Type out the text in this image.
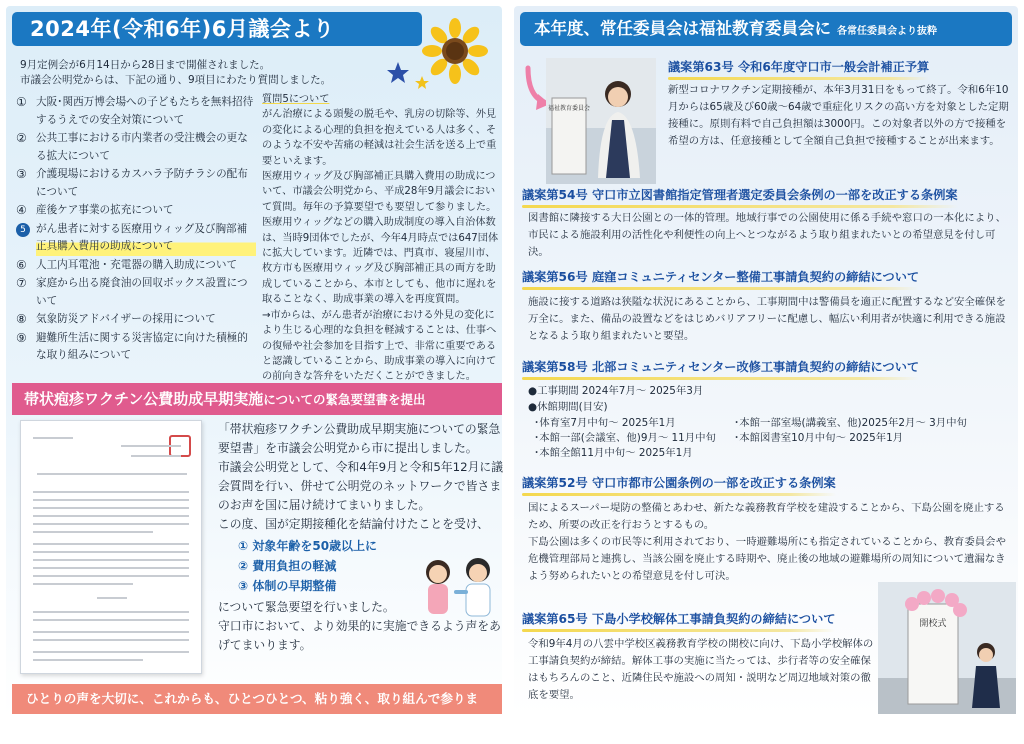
2024年(令和6年)6月議会より

9月定例会が6月14日から28日まで開催されました。

市議会公明党からは、下記の通り、9項目にわたり質問しました。

① 大阪･関西万博会場への子どもたちを無料招待するうえでの安全対策について
② 公共工事における市内業者の受注機会の更なる拡大について
③ 介護現場におけるカスハラ予防チラシの配布について
④ 産後ケア事業の拡充について
5 がん患者に対する医療用ウィッグ及び胸部補正具購入費用の助成について
⑥ 人工内耳電池・充電器の購入助成について
⑦ 家庭から出る廃食油の回収ボックス設置について
⑧ 気象防災アドバイザーの採用について
⑨ 避難所生活に関する災害協定に向けた積極的な取り組みについて

質問5について

がん治療による頭髪の脱毛や、乳房の切除等、外見の変化による心理的負担を抱えている人は多く、そのような不安や苦痛の軽減は社会生活を送る上で重要といえます。

医療用ウィッグ及び胸部補正具購入費用の助成について、市議会公明党から、平成28年9月議会において質問。毎年の予算要望でも要望して参りました。

医療用ウィッグなどの購入助成制度の導入自治体数は、当時9団体でしたが、今年4月時点では647団体に拡大しています。近隣では、門真市、寝屋川市、枚方市も医療用ウィッグ及び胸部補正具の両方を助成していることから、本市としても、他市に遅れを取ることなく、助成事業の導入を再度質問。

→市からは、がん患者が治療における外見の変化により生じる心理的な負担を軽減することは、仕事への復帰や社会参加を目指す上で、非常に重要であると認識していることから、助成事業の導入に向けての前向きな答弁をいただくことができました。

帯状疱疹ワクチン公費助成早期実施についての緊急要望書を提出

「帯状疱疹ワクチン公費助成早期実施についての緊急要望書」を市議会公明党から市に提出しました。

市議会公明党として、令和4年9月と令和5年12月に議会質問を行い、併せて公明党のネットワークで皆さまのお声を国に届け続けてまいりました。

この度、国が定期接種化を結論付けたことを受け、

① 対象年齢を50歳以上に
② 費用負担の軽減
③ 体制の早期整備

について緊急要望を行いました。

守口市において、より効果的に実施できるよう声をあげてまいります。

ひとりの声を大切に、これからも、ひとつひとつ、粘り強く、取り組んで参ります。
本年度、常任委員会は福祉教育委員会に 各常任委員会より抜粋
福祉教育委員会
議案第63号 令和6年度守口市一般会計補正予算
新型コロナワクチン定期接種が、本年3月31日をもって終了。令和6年10月からは65歳及び60歳～64歳で重症化リスクの高い方を対象とした定期接種に。原則有料で自己負担額は3000円。この対象者以外の方で接種を希望の方は、任意接種として全額自己負担で接種することが出来ます。
議案第54号 守口市立図書館指定管理者選定委員会条例の一部を改正する条例案
図書館に隣接する大日公園との一体的管理。地域行事での公園使用に係る手続や窓口の一本化により、市民による施設利用の活性化や利便性の向上へとつながるよう取り組まれたいとの希望意見を付し可決。
議案第56号 庭窪コミュニティセンター整備工事請負契約の締結について
施設に接する道路は狭隘な状況にあることから、工事期間中は警備員を適正に配置するなど安全確保を万全に。また、備品の設置などをはじめバリアフリーに配慮し、幅広い利用者が快適に利用できる施設となるよう取り組まれたいと要望。
議案第58号 北部コミュニティセンター改修工事請負契約の締結について
●工事期間 2024年7月～ 2025年3月
●休館期間(目安)
･体育室7月中旬～ 2025年1月
･本館一部(会議室、他)9月～ 11月中旬
･本館全館11月中旬～ 2025年1月
･本館一部室場(講義室、他)2025年2月～ 3月中旬
･本館図書室10月中旬～ 2025年1月
議案第52号 守口市都市公園条例の一部を改正する条例案

国によるスーパー堤防の整備とあわせ、新たな義務教育学校を建設することから、下島公園を廃止するため、所要の改正を行おうとするもの。

下島公園は多くの市民等に利用されており、一時避難場所にも指定されていることから、教育委員会や危機管理部局と連携し、当該公園を廃止する時期や、廃止後の地域の避難場所の周知について遺漏なきよう努められたいとの希望意見を付し可決。

議案第65号 下島小学校解体工事請負契約の締結について
令和9年4月の八雲中学校区義務教育学校の開校に向け、下島小学校解体の工事請負契約が締結。解体工事の実施に当たっては、歩行者等の安全確保はもちろんのこと、近隣住民や施設への周知・説明など周辺地域対策の徹底を要望。
開校式
